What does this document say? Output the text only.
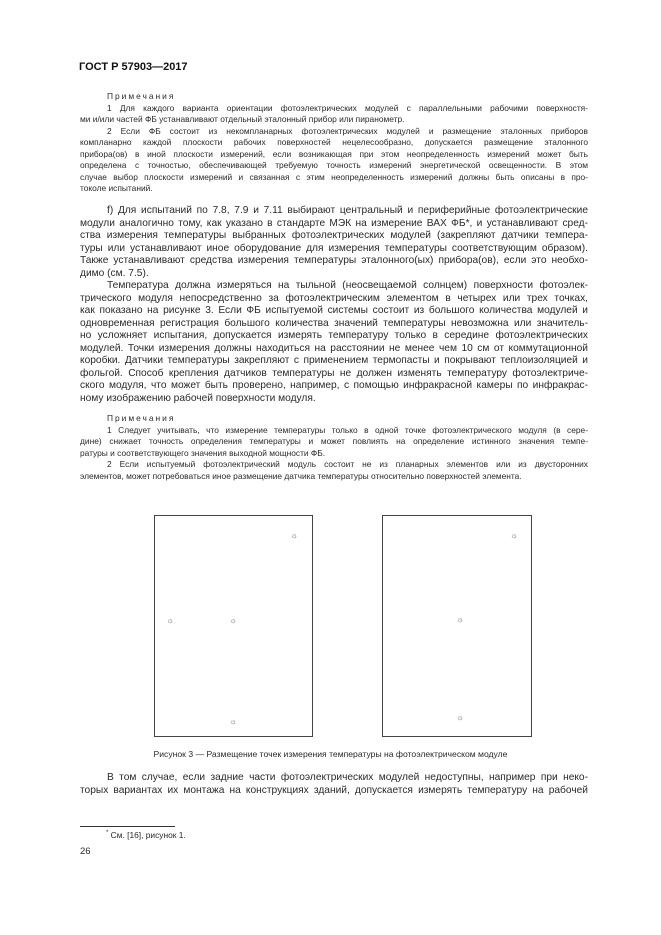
ГОСТ Р 57903—2017
Примечания
1 Для каждого варианта ориентации фотоэлектрических модулей с параллельными рабочими поверхностя-
ми и/или частей ФБ устанавливают отдельный эталонный прибор или пиранометр.
2 Если ФБ состоит из некомпланарных фотоэлектрических модулей и размещение эталонных приборов
компланарно каждой плоскости рабочих поверхностей нецелесообразно, допускается размещение эталонного
прибора(ов) в иной плоскости измерений, если возникающая при этом неопределенность измерений может быть
определена с точностью, обеспечивающей требуемую точность измерений энергетической освещенности. В этом
случае выбор плоскости измерений и связанная с этим неопределенность измерений должны быть описаны в про-
токоле испытаний.
f) Для испытаний по 7.8, 7.9 и 7.11 выбирают центральный и периферийные фотоэлектрические
модули аналогично тому, как указано в стандарте МЭК на измерение ВАХ ФБ*, и устанавливают сред-
ства измерения температуры выбранных фотоэлектрических модулей (закрепляют датчики темпера-
туры или устанавливают иное оборудование для измерения температуры соответствующим образом).
Также устанавливают средства измерения температуры эталонного(ых) прибора(ов), если это необхо-
димо (см. 7.5).
Температура должна измеряться на тыльной (неосвещаемой солнцем) поверхности фотоэлек-
трического модуля непосредственно за фотоэлектрическим элементом в четырех или трех точках,
как показано на рисунке 3. Если ФБ испытуемой системы состоит из большого количества модулей и
одновременная регистрация большого количества значений температуры невозможна или значитель-
но усложняет испытания, допускается измерять температуру только в середине фотоэлектрических
модулей. Точки измерения должны находиться на расстоянии не менее чем 10 см от коммутационной
коробки. Датчики температуры закрепляют с применением термопасты и покрывают теплоизоляцией и
фольгой. Способ крепления датчиков температуры не должен изменять температуру фотоэлектриче-
ского модуля, что может быть проверено, например, с помощью инфракрасной камеры по инфракрас-
ному изображению рабочей поверхности модуля.
Примечания
1 Следует учитывать, что измерение температуры только в одной точке фотоэлектрического модуля (в сере-
дине) снижает точность определения температуры и может повлиять на определение истинного значения темпе-
ратуры и соответствующего значения выходной мощности ФБ.
2 Если испытуемый фотоэлектрический модуль состоит не из планарных элементов или из двусторонних
элементов, может потребоваться иное размещение датчика температуры относительно поверхностей элемента.
☼
☼	☼
☼
☼
☼
☼
Рисунок 3 — Размещение точек измерения температуры на фотоэлектрическом модуле
В том случае, если задние части фотоэлектрических модулей недоступны, например при неко-
торых вариантах их монтажа на конструкциях зданий, допускается измерять температуру на рабочей
* См. [16], рисунок 1.
26
